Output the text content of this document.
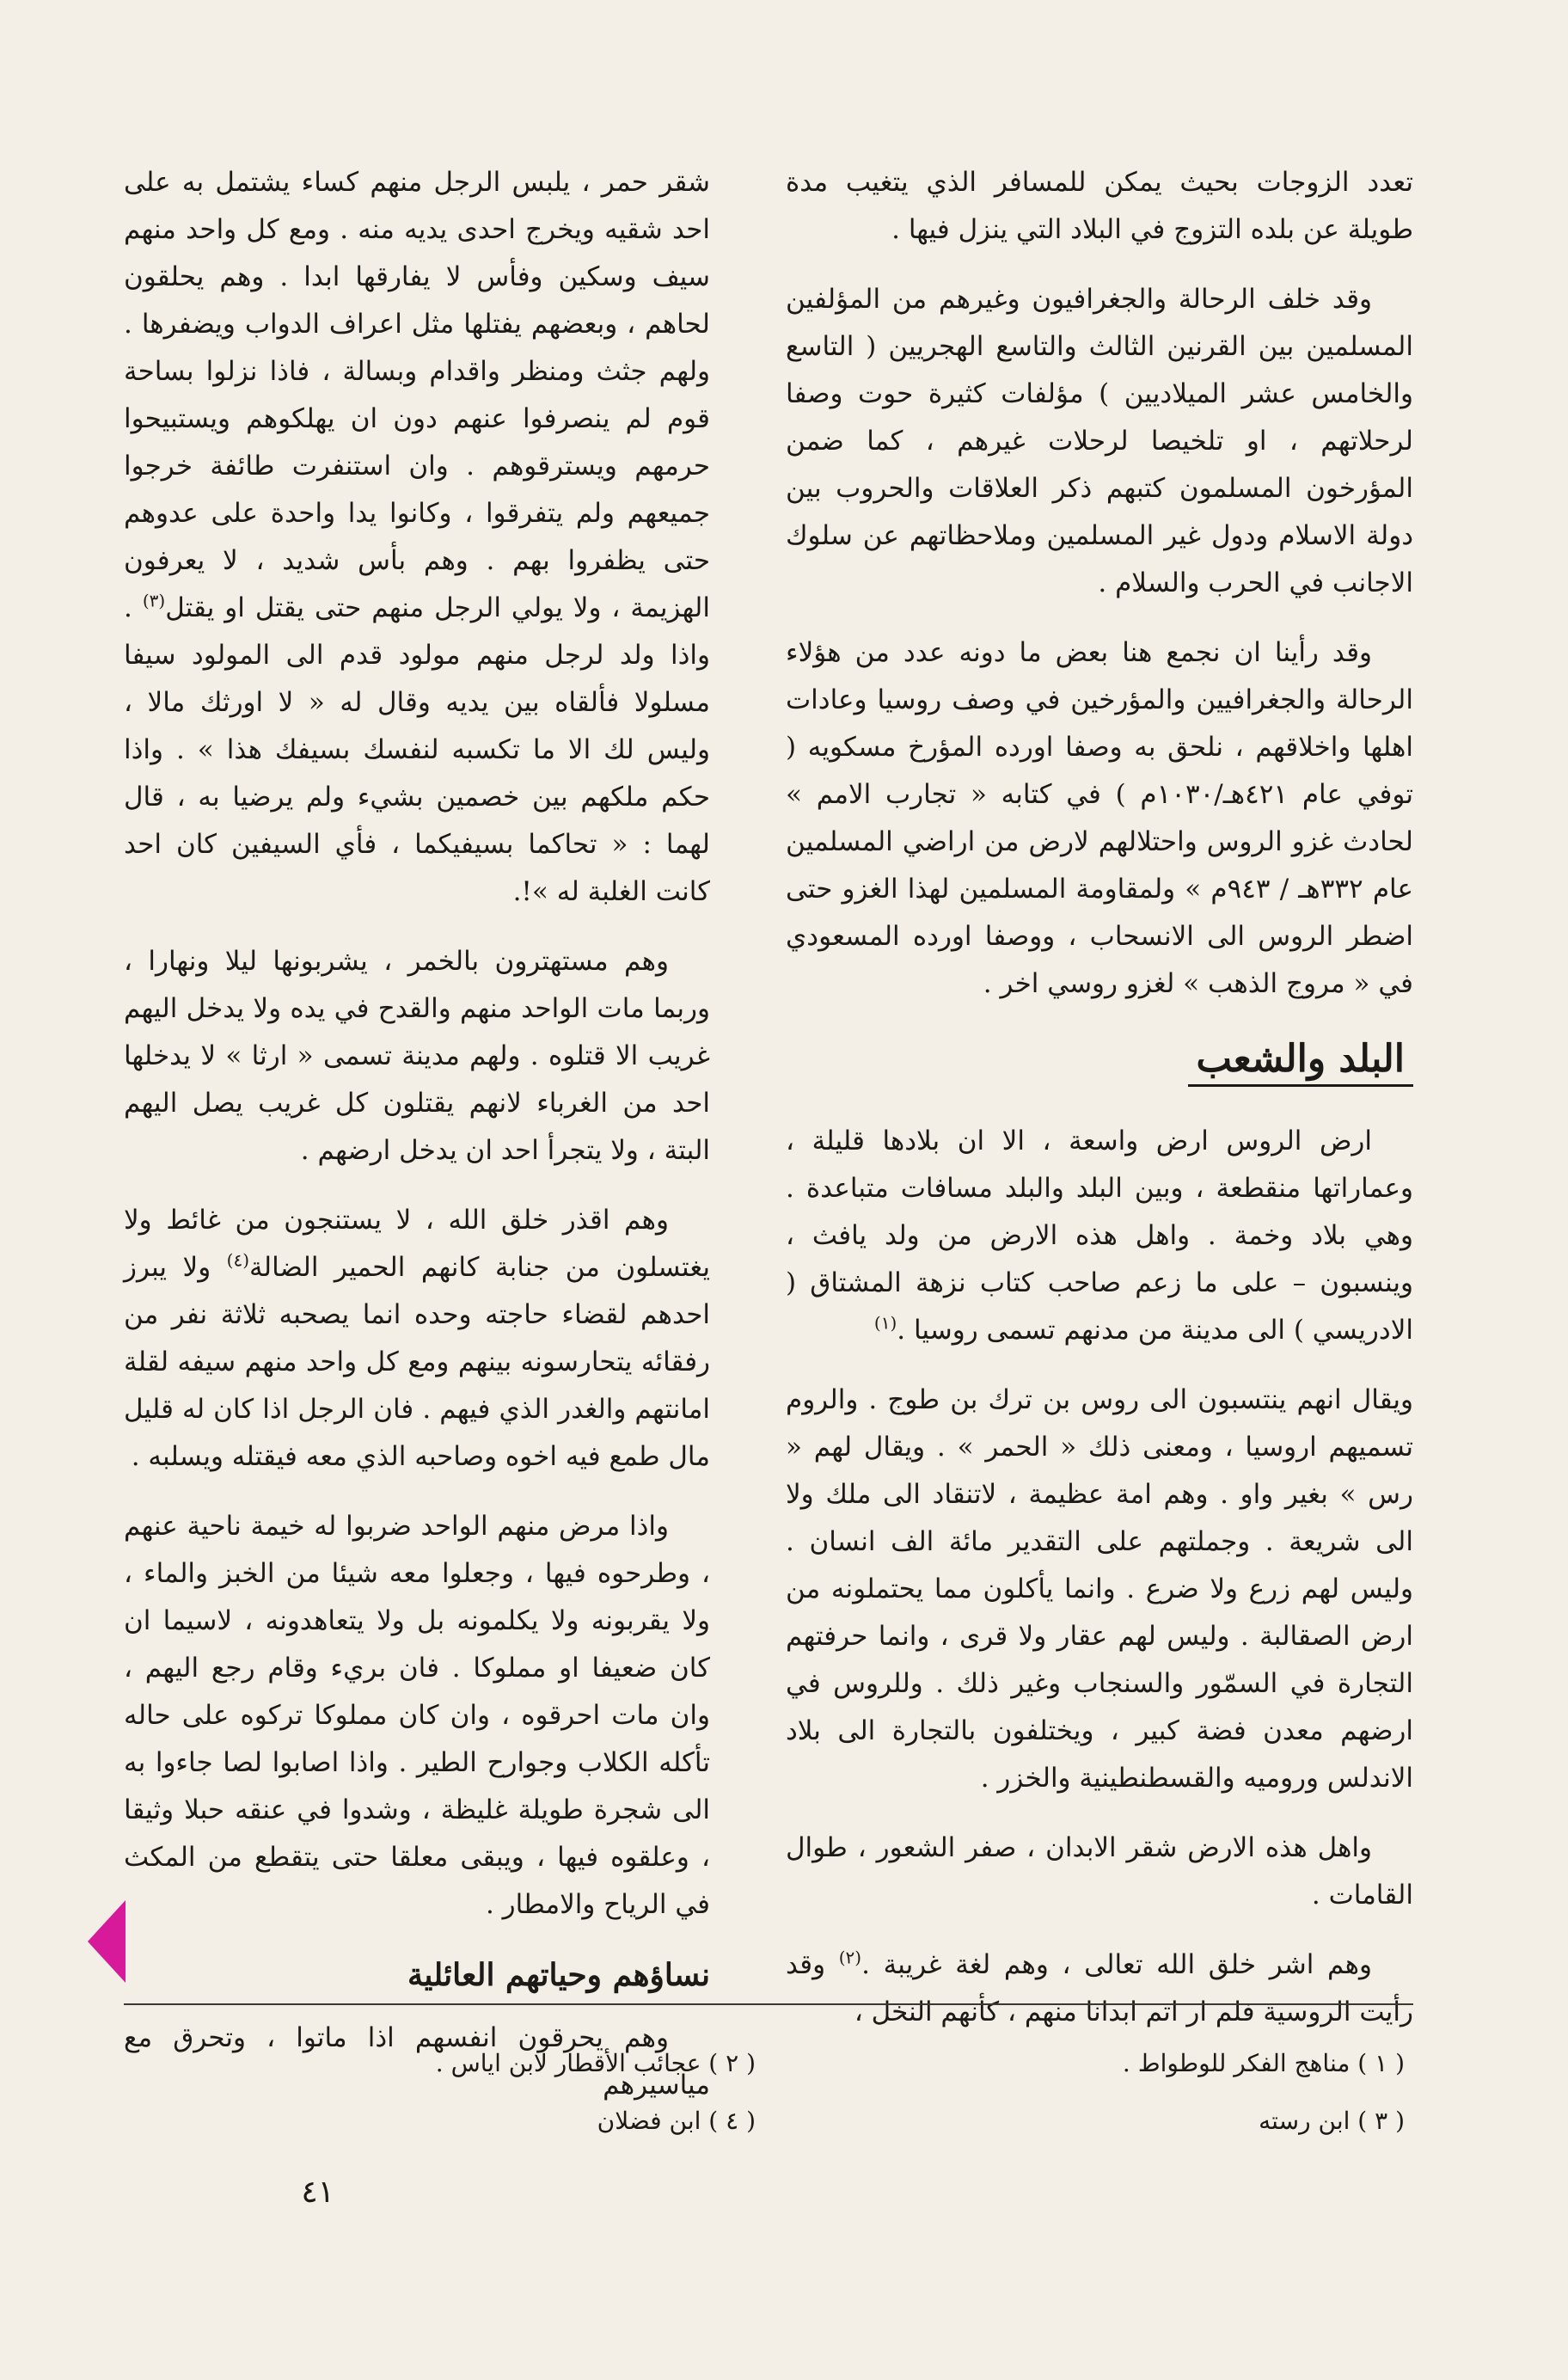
تعدد الزوجات بحيث يمكن للمسافر الذي يتغيب مدة طويلة عن بلده التزوج في البلاد التي ينزل فيها .

وقد خلف الرحالة والجغرافيون وغيرهم من المؤلفين المسلمين بين القرنين الثالث والتاسع الهجريين ( التاسع والخامس عشر الميلاديين ) مؤلفات كثيرة حوت وصفا لرحلاتهم ، او تلخيصا لرحلات غيرهم ، كما ضمن المؤرخون المسلمون كتبهم ذكر العلاقات والحروب بين دولة الاسلام ودول غير المسلمين وملاحظاتهم عن سلوك الاجانب في الحرب والسلام .

وقد رأينا ان نجمع هنا بعض ما دونه عدد من هؤلاء الرحالة والجغرافيين والمؤرخين في وصف روسيا وعادات اهلها واخلاقهم ، نلحق به وصفا اورده المؤرخ مسكويه ( توفي عام ٤٢١هـ/١٠٣٠م ) في كتابه « تجارب الامم » لحادث غزو الروس واحتلالهم لارض من اراضي المسلمين عام ٣٣٢هـ / ٩٤٣م » ولمقاومة المسلمين لهذا الغزو حتى اضطر الروس الى الانسحاب ، ووصفا اورده المسعودي في « مروج الذهب » لغزو روسي اخر .

البلد والشعب

ارض الروس ارض واسعة ، الا ان بلادها قليلة ، وعماراتها منقطعة ، وبين البلد والبلد مسافات متباعدة . وهي بلاد وخمة . واهل هذه الارض من ولد يافث ، وينسبون – على ما زعم صاحب كتاب نزهة المشتاق ( الادريسي ) الى مدينة من مدنهم تسمى روسيا .$^{(١)}$

ويقال انهم ينتسبون الى روس بن ترك بن طوج . والروم تسميهم اروسيا ، ومعنى ذلك « الحمر » . ويقال لهم « رس » بغير واو . وهم امة عظيمة ، لاتنقاد الى ملك ولا الى شريعة . وجملتهم على التقدير مائة الف انسان . وليس لهم زرع ولا ضرع . وانما يأكلون مما يحتملونه من ارض الصقالبة . وليس لهم عقار ولا قرى ، وانما حرفتهم التجارة في السمّور والسنجاب وغير ذلك . وللروس في ارضهم معدن فضة كبير ، ويختلفون بالتجارة الى بلاد الاندلس وروميه والقسطنطينية والخزر .

واهل هذه الارض شقر الابدان ، صفر الشعور ، طوال القامات .

وهم اشر خلق الله تعالى ، وهم لغة غريبة .$^{(٢)}$ وقد رأيت الروسية فلم ار اتم ابدانا منهم ، كأنهم النخل ،

شقر حمر ، يلبس الرجل منهم كساء يشتمل به على احد شقيه ويخرج احدى يديه منه . ومع كل واحد منهم سيف وسكين وفأس لا يفارقها ابدا . وهم يحلقون لحاهم ، وبعضهم يفتلها مثل اعراف الدواب ويضفرها . ولهم جثث ومنظر واقدام وبسالة ، فاذا نزلوا بساحة قوم لم ينصرفوا عنهم دون ان يهلكوهم ويستبيحوا حرمهم ويسترقوهم . وان استنفرت طائفة خرجوا جميعهم ولم يتفرقوا ، وكانوا يدا واحدة على عدوهم حتى يظفروا بهم . وهم بأس شديد ، لا يعرفون الهزيمة ، ولا يولي الرجل منهم حتى يقتل او يقتل$^{(٣)}$ . واذا ولد لرجل منهم مولود قدم الى المولود سيفا مسلولا فألقاه بين يديه وقال له « لا اورثك مالا ، وليس لك الا ما تكسبه لنفسك بسيفك هذا » . واذا حكم ملكهم بين خصمين بشيء ولم يرضيا به ، قال لهما : « تحاكما بسيفيكما ، فأي السيفين كان احد كانت الغلبة له »!.

وهم مستهترون بالخمر ، يشربونها ليلا ونهارا ، وربما مات الواحد منهم والقدح في يده ولا يدخل اليهم غريب الا قتلوه . ولهم مدينة تسمى « ارثا » لا يدخلها احد من الغرباء لانهم يقتلون كل غريب يصل اليهم البتة ، ولا يتجرأ احد ان يدخل ارضهم .

وهم اقذر خلق الله ، لا يستنجون من غائط ولا يغتسلون من جنابة كانهم الحمير الضالة$^{(٤)}$ ولا يبرز احدهم لقضاء حاجته وحده انما يصحبه ثلاثة نفر من رفقائه يتحارسونه بينهم ومع كل واحد منهم سيفه لقلة امانتهم والغدر الذي فيهم . فان الرجل اذا كان له قليل مال طمع فيه اخوه وصاحبه الذي معه فيقتله ويسلبه .

واذا مرض منهم الواحد ضربوا له خيمة ناحية عنهم ، وطرحوه فيها ، وجعلوا معه شيئا من الخبز والماء ، ولا يقربونه ولا يكلمونه بل ولا يتعاهدونه ، لاسيما ان كان ضعيفا او مملوكا . فان بريء وقام رجع اليهم ، وان مات احرقوه ، وان كان مملوكا تركوه على حاله تأكله الكلاب وجوارح الطير . واذا اصابوا لصا جاءوا به الى شجرة طويلة غليظة ، وشدوا في عنقه حبلا وثيقا ، وعلقوه فيها ، ويبقى معلقا حتى يتقطع من المكث في الرياح والامطار .

نساؤهم وحياتهم العائلية

وهم يحرقون انفسهم اذا ماتوا ، وتحرق مع مياسيرهم

( ١ ) مناهج الفكر للوطواط .
( ٢ ) عجائب الأقطار لابن اياس .
( ٣ ) ابن رسته
( ٤ ) ابن فضلان
٤١
